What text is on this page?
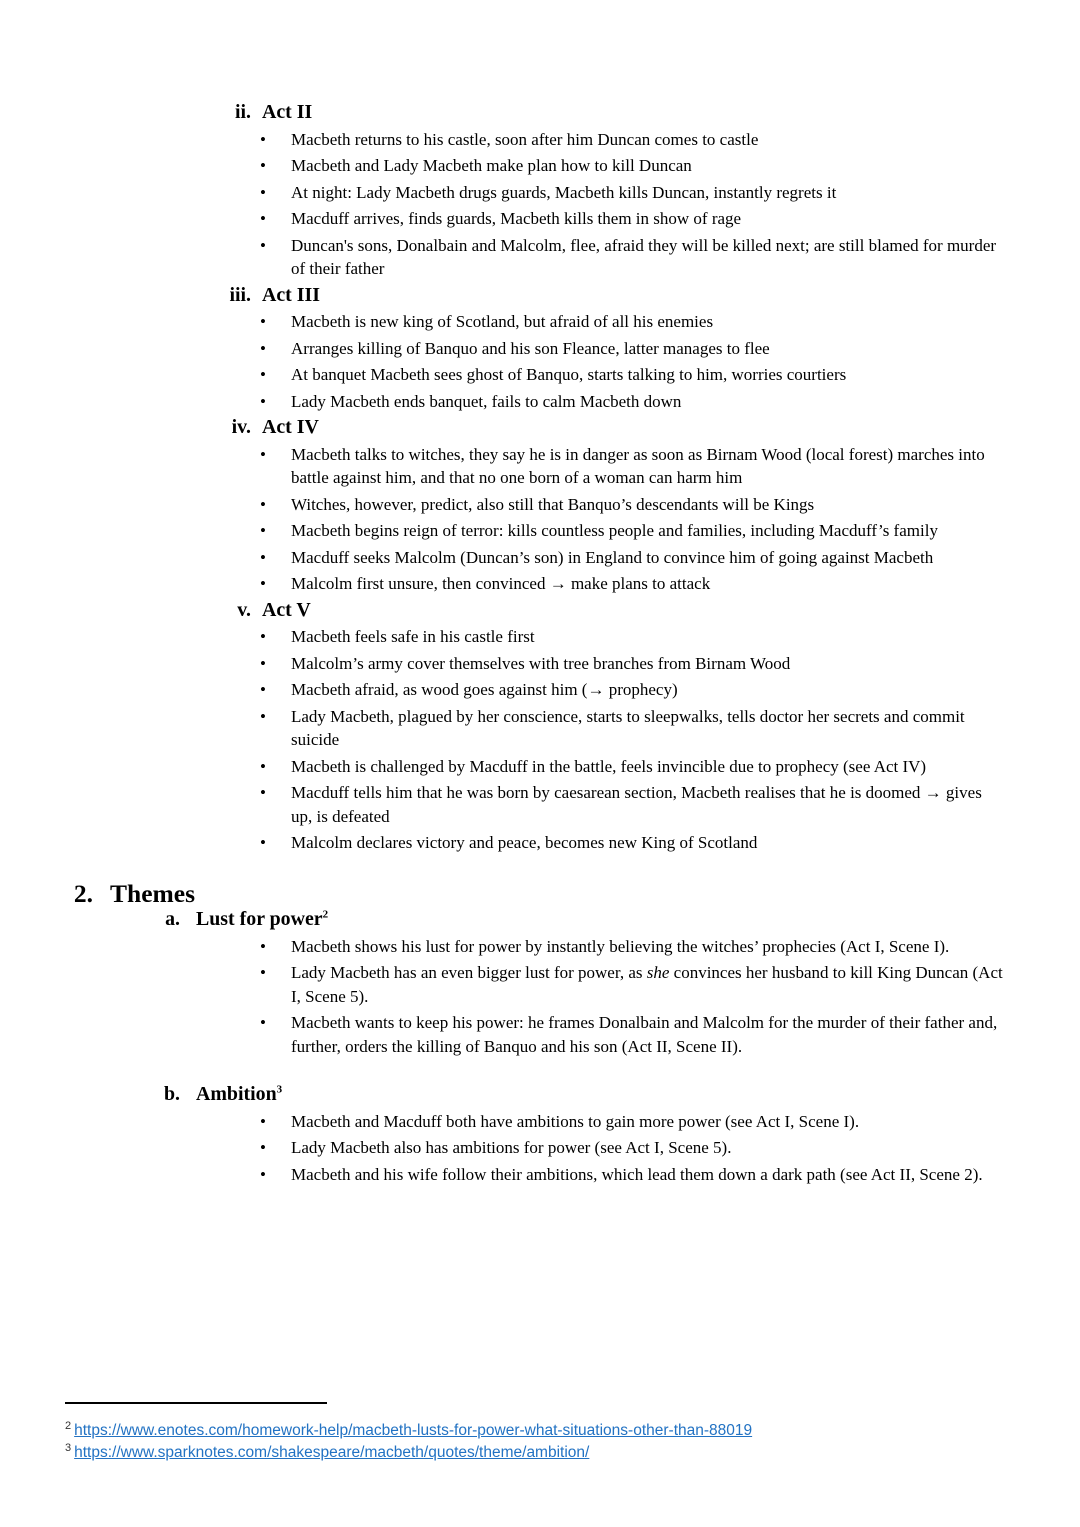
ii. Act II
• Macbeth returns to his castle, soon after him Duncan comes to castle
• Macbeth and Lady Macbeth make plan how to kill Duncan
• At night: Lady Macbeth drugs guards, Macbeth kills Duncan, instantly regrets it
• Macduff arrives, finds guards, Macbeth kills them in show of rage
• Duncan's sons, Donalbain and Malcolm, flee, afraid they will be killed next; are still blamed for murder of their father
iii. Act III
• Macbeth is new king of Scotland, but afraid of all his enemies
• Arranges killing of Banquo and his son Fleance, latter manages to flee
• At banquet Macbeth sees ghost of Banquo, starts talking to him, worries courtiers
• Lady Macbeth ends banquet, fails to calm Macbeth down
iv. Act IV
• Macbeth talks to witches, they say he is in danger as soon as Birnam Wood (local forest) marches into battle against him, and that no one born of a woman can harm him
• Witches, however, predict, also still that Banquo’s descendants will be Kings
• Macbeth begins reign of terror: kills countless people and families, including Macduff’s family
• Macduff seeks Malcolm (Duncan’s son) in England to convince him of going against Macbeth
• Malcolm first unsure, then convinced → make plans to attack
v. Act V
• Macbeth feels safe in his castle first
• Malcolm’s army cover themselves with tree branches from Birnam Wood
• Macbeth afraid, as wood goes against him (→ prophecy)
• Lady Macbeth, plagued by her conscience, starts to sleepwalks, tells doctor her secrets and commit suicide
• Macbeth is challenged by Macduff in the battle, feels invincible due to prophecy (see Act IV)
• Macduff tells him that he was born by caesarean section, Macbeth realises that he is doomed → gives up, is defeated
• Malcolm declares victory and peace, becomes new King of Scotland
2. Themes
a. Lust for power$^2$
• Macbeth shows his lust for power by instantly believing the witches’ prophecies (Act I, Scene I).
• Lady Macbeth has an even bigger lust for power, as she convinces her husband to kill King Duncan (Act I, Scene 5).
• Macbeth wants to keep his power: he frames Donalbain and Malcolm for the murder of their father and, further, orders the killing of Banquo and his son (Act II, Scene II).
b. Ambition$^3$
• Macbeth and Macduff both have ambitions to gain more power (see Act I, Scene I).
• Lady Macbeth also has ambitions for power (see Act I, Scene 5).
• Macbeth and his wife follow their ambitions, which lead them down a dark path (see Act II, Scene 2).
$^2$ https://www.enotes.com/homework-help/macbeth-lusts-for-power-what-situations-other-than-88019
$^3$ https://www.sparknotes.com/shakespeare/macbeth/quotes/theme/ambition/
